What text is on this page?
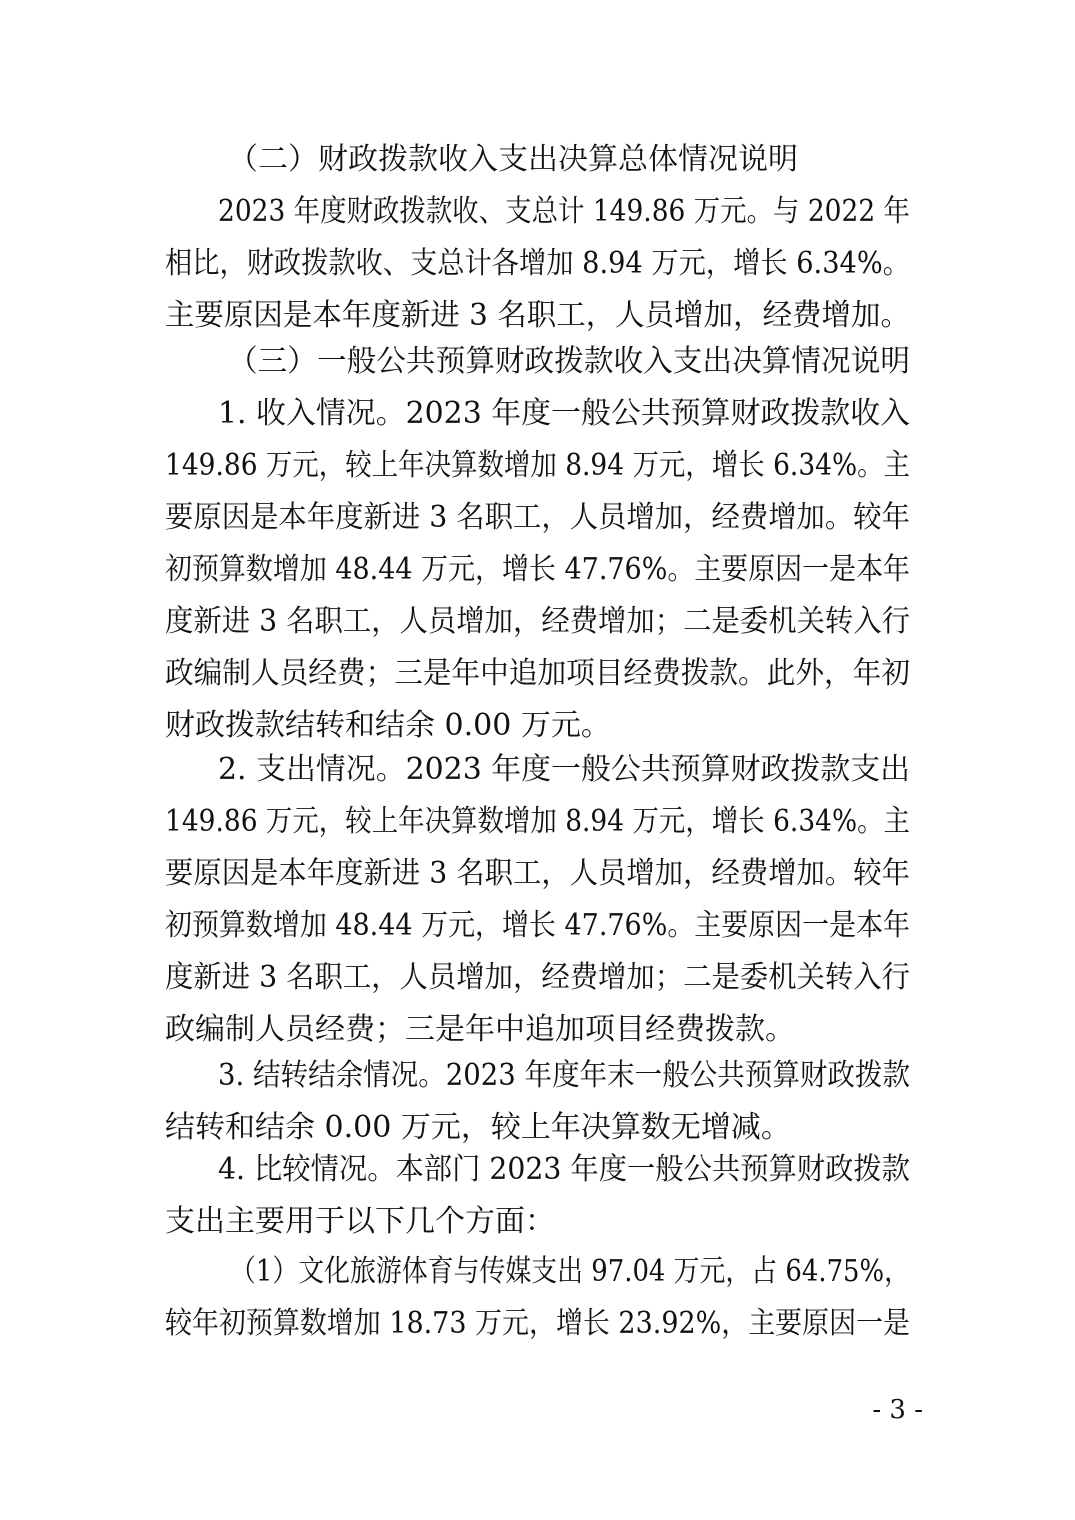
（二）财政拨款收入支出决算总体情况说明
2023 年度财政拨款收、支总计 149.86 万元。与 2022 年
相比，财政拨款收、支总计各增加 8.94 万元，增长 6.34%。
主要原因是本年度新进 3 名职工，人员增加，经费增加。
（三）一般公共预算财政拨款收入支出决算情况说明
1. 收入情况。2023 年度一般公共预算财政拨款收入
149.86 万元，较上年决算数增加 8.94 万元，增长 6.34%。主
要原因是本年度新进 3 名职工，人员增加，经费增加。较年
初预算数增加 48.44 万元，增长 47.76%。主要原因一是本年
度新进 3 名职工，人员增加，经费增加；二是委机关转入行
政编制人员经费；三是年中追加项目经费拨款。此外，年初
财政拨款结转和结余 0.00 万元。
2. 支出情况。2023 年度一般公共预算财政拨款支出
149.86 万元，较上年决算数增加 8.94 万元，增长 6.34%。主
要原因是本年度新进 3 名职工，人员增加，经费增加。较年
初预算数增加 48.44 万元，增长 47.76%。主要原因一是本年
度新进 3 名职工，人员增加，经费增加；二是委机关转入行
政编制人员经费；三是年中追加项目经费拨款。
3. 结转结余情况。2023 年度年末一般公共预算财政拨款
结转和结余 0.00 万元，较上年决算数无增减。
4. 比较情况。本部门 2023 年度一般公共预算财政拨款
支出主要用于以下几个方面：
（1）文化旅游体育与传媒支出 97.04 万元，占 64.75%，
较年初预算数增加 18.73 万元，增长 23.92%，主要原因一是
- 3 -
